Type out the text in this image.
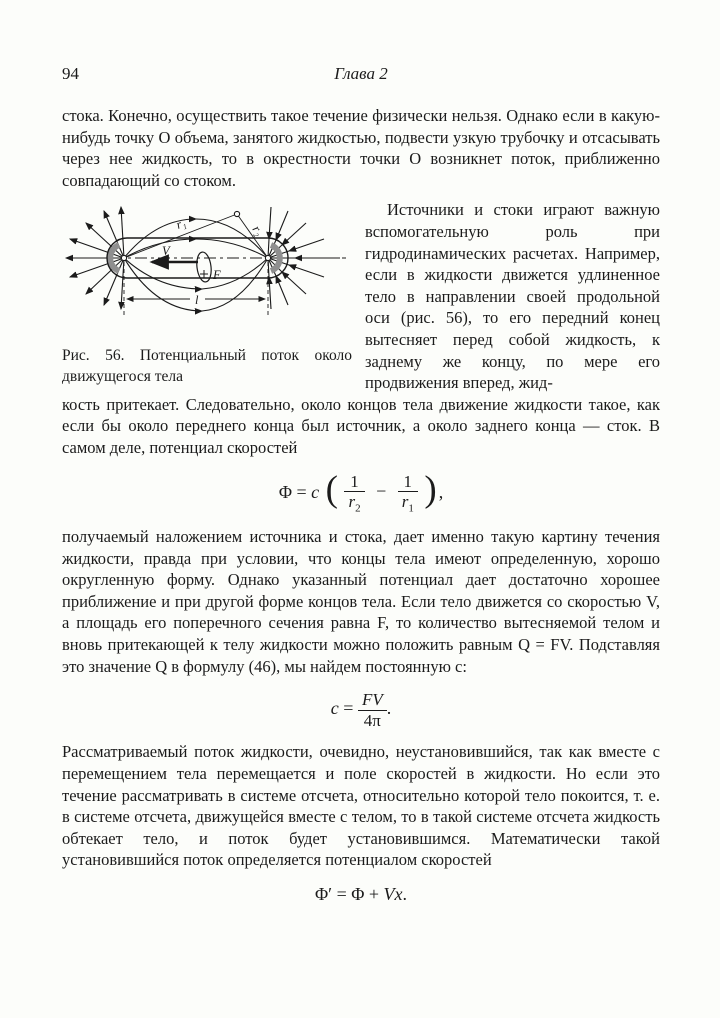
94	Глава 2

стока. Конечно, осуществить такое течение физически нельзя. Однако если в какую-нибудь точку O объема, занятого жидкостью, подвести узкую трубочку и отсасывать через нее жидкость, то в окрестности точки O возникнет поток, приближенно совпадающий со стоком.

r₁	r₂
F
V
l
Рис. 56. Потенциальный поток около движущегося тела

Источники и стоки играют важную вспомогательную роль при гидродинамических расчетах. Например, если в жидкости движется удлиненное тело в направлении своей продольной оси (рис. 56), то его передний конец вытесняет перед собой жидкость, к заднему же концу, по мере его продвижения вперед, жид-

кость притекает. Следовательно, около концов тела движение жидкости такое, как если бы около переднего конца был источник, а около заднего конца — сток. В самом деле, потенциал скоростей

Φ = c ( $\frac{1}{r_2} - \frac{1}{r_1}$ ) ,

получаемый наложением источника и стока, дает именно такую картину течения жидкости, правда при условии, что концы тела имеют определенную, хорошо округленную форму. Однако указанный потенциал дает достаточно хорошее приближение и при другой форме концов тела. Если тело движется со скоростью V, а площадь его поперечного сечения равна F, то количество вытесняемой телом и вновь притекающей к телу жидкости можно положить равным Q = FV. Подставляя это значение Q в формулу (46), мы найдем постоянную c:

$c = \frac{FV}{4\pi}$ .

Рассматриваемый поток жидкости, очевидно, неустановившийся, так как вместе с перемещением тела перемещается и поле скоростей в жидкости. Но если это течение рассматривать в системе отсчета, относительно которой тело покоится, т. е. в системе отсчета, движущейся вместе с телом, то в такой системе отсчета жидкость обтекает тело, и поток будет установившимся. Математически такой установившийся поток определяется потенциалом скоростей

Φ′ = Φ + Vx.
